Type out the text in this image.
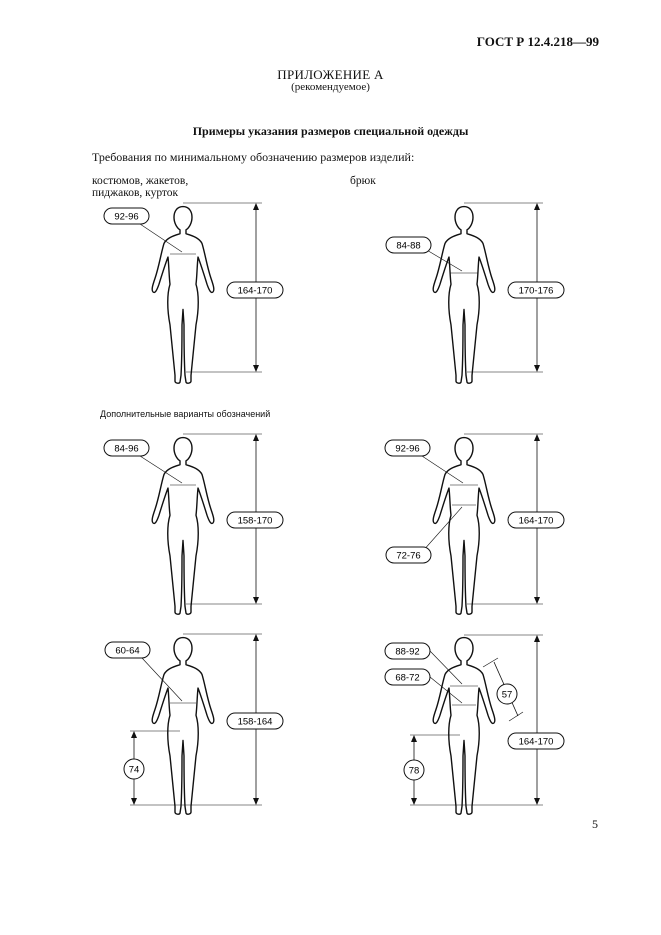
ГОСТ Р 12.4.218—99
ПРИЛОЖЕНИЕ А
(рекомендуемое)
Примеры указания размеров специальной одежды
Требования по минимальному обозначению размеров изделий:
костюмов, жакетов,
пиджаков, курток
брюк
Дополнительные варианты обозначений
5
92-96
164-170
84-88
170-176
84-96
158-170
92-96
72-76
164-170
60-64
158-164
74
88-92
68-72
164-170
57
78
